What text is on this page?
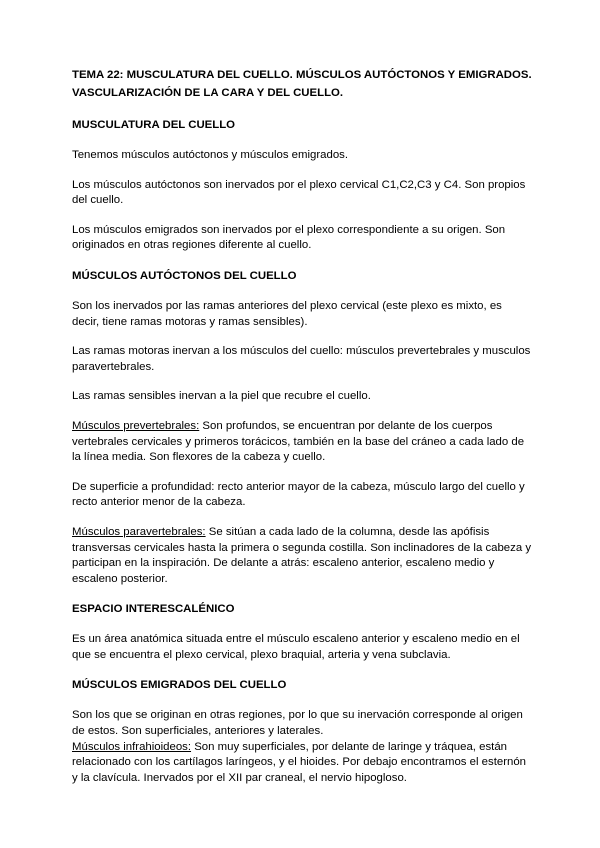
TEMA 22: MUSCULATURA DEL CUELLO. MÚSCULOS AUTÓCTONOS Y EMIGRADOS. VASCULARIZACIÓN DE LA CARA Y DEL CUELLO.
MUSCULATURA DEL CUELLO

Tenemos músculos autóctonos y músculos emigrados.

Los músculos autóctonos son inervados por el plexo cervical C1,C2,C3 y C4. Son propios del cuello.

Los músculos emigrados son inervados por el plexo correspondiente a su origen. Son originados en otras regiones diferente al cuello.

MÚSCULOS AUTÓCTONOS DEL CUELLO

Son los inervados por las ramas anteriores del plexo cervical (este plexo es mixto, es decir, tiene ramas motoras y ramas sensibles).

Las ramas motoras inervan a los músculos del cuello: músculos prevertebrales y musculos paravertebrales.

Las ramas sensibles inervan a la piel que recubre el cuello.

Músculos prevertebrales: Son profundos, se encuentran por delante de los cuerpos vertebrales cervicales y primeros torácicos, también en la base del cráneo a cada lado de la línea media. Son flexores de la cabeza y cuello.

De superficie a profundidad: recto anterior mayor de la cabeza, músculo largo del cuello y recto anterior menor de la cabeza.

Músculos paravertebrales: Se sitúan a cada lado de la columna, desde las apófisis transversas cervicales hasta la primera o segunda costilla. Son inclinadores de la cabeza y participan en la inspiración. De delante a atrás: escaleno anterior, escaleno medio y escaleno posterior.

ESPACIO INTERESCALÉNICO

Es un área anatómica situada entre el músculo escaleno anterior y escaleno medio en el que se encuentra el plexo cervical, plexo braquial, arteria y vena subclavia.

MÚSCULOS EMIGRADOS DEL CUELLO

Son los que se originan en otras regiones, por lo que su inervación corresponde al origen de estos. Son superficiales, anteriores y laterales.

Músculos infrahioideos: Son muy superficiales, por delante de laringe y tráquea, están relacionado con los cartílagos laríngeos, y el hioides. Por debajo encontramos el esternón y la clavícula. Inervados por el XII par craneal, el nervio hipogloso.
